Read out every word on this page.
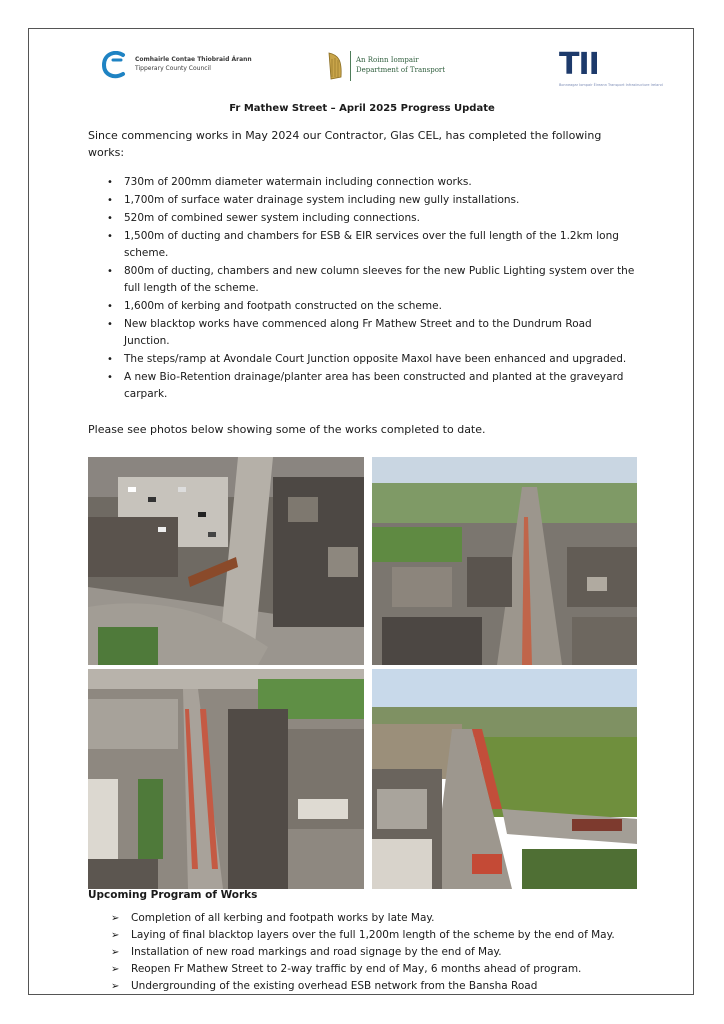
Comhairle Contae Thiobraid Árann
Tipperary County Council
An Roinn Iompair
Department of Transport	TII
Bonneagar Iompair Éireann Transport Infrastructure Ireland
Fr Mathew Street – April 2025 Progress Update
Since commencing works in May 2024 our Contractor, Glas CEL, has completed the following works:
• 730m of 200mm diameter watermain including connection works.
• 1,700m of surface water drainage system including new gully installations.
• 520m of combined sewer system including connections.
• 1,500m of ducting and chambers for ESB & EIR services over the full length of the 1.2km long scheme.
• 800m of ducting, chambers and new column sleeves for the new Public Lighting system over the full length of the scheme.
• 1,600m of kerbing and footpath constructed on the scheme.
• New blacktop works have commenced along Fr Mathew Street and to the Dundrum Road Junction.
• The steps/ramp at Avondale Court Junction opposite Maxol have been enhanced and upgraded.
• A new Bio-Retention drainage/planter area has been constructed and planted at the graveyard carpark.
Please see photos below showing some of the works completed to date.
Upcoming Program of Works
➢ Completion of all kerbing and footpath works by late May.
➢ Laying of final blacktop layers over the full 1,200m length of the scheme by the end of May.
➢ Installation of new road markings and road signage by the end of May.
➢ Reopen Fr Mathew Street to 2-way traffic by end of May, 6 months ahead of program.
➢ Undergrounding of the existing overhead ESB network from the Bansha Road
